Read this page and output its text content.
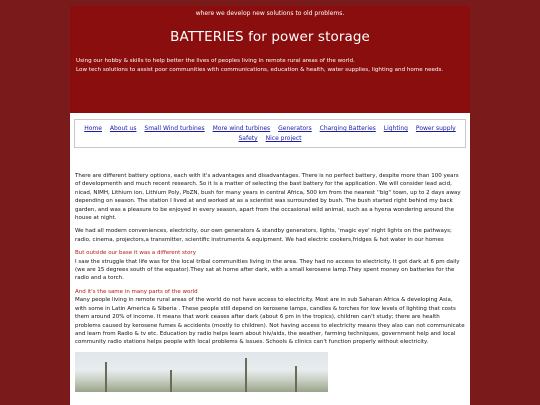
where we develop new solutions to old problems.
BATTERIES for power storage
Using our hobby & skills to help better the lives of peoples living in remote rural areas of the world.
Low tech solutions to assist poor communities with communications, education & health, water supplies, lighting and home needs.
Home About us Small Wind turbines More wind turbines Generators Charging Batteries Lighting Power supply
Safety Nice project

There are different battery options, each with it's advantages and disadvantages. There is no perfect battery, despite more than 100 years of developmenth and much recent research. So it is a matter of selecting the bast battery for the application. We will consider lead acid, nicad, NIMH, Lithium ion, Lithium Poly, PbZN, bush for many years in central Africa, 500 km from the nearest ''big'' town, up to 2 days away depending on season. The station I lived at and worked at as a scientist was surrounded by bush. The bush started right behind my back garden, and was a pleasure to be enjoyed in every season, apart from the occasional wild animal, such as a hyena wondering around the house at night.

We had all modern conveniences, electricity, our own generators & standby generators, lights, 'magic eye' night lights on the pathways; radio, cinema, projectors,a transmitter, scientific instruments & equipment. We had electric cookers,fridges & hot water in our homes

But outside our base it was a different story

I saw the struggle that life was for the local tribal communities living in the area. They had no access to electricity. It got dark at 6 pm daily (we are 15 degrees south of the equator).They sat at home after dark, with a small kerosene lamp.They spent money on batteries for the radio and a torch.

And it's the same in many parts of the world

Many people living in remote rural areas of the world do not have access to electricity. Most are in sub Saharan Africa & developing Asia, with some in Latin America & Siberia . These people still depend on kerosene lamps, candles & torches for low levels of lighting that costs them around 20% of income. It means that work ceases after dark (about 6 pm in the tropics), children can't study; there are health problems caused by kerosene fumes & accidents (mostly to children). Not having access to electricity means they also can not communicate and learn from Radio & tv etc. Education by radio helps learn about hiv/aids, the weather, farming techniques, government help and local community radio stations helps people with local problems & issues. Schools & clinics can't function properly without electricity.
